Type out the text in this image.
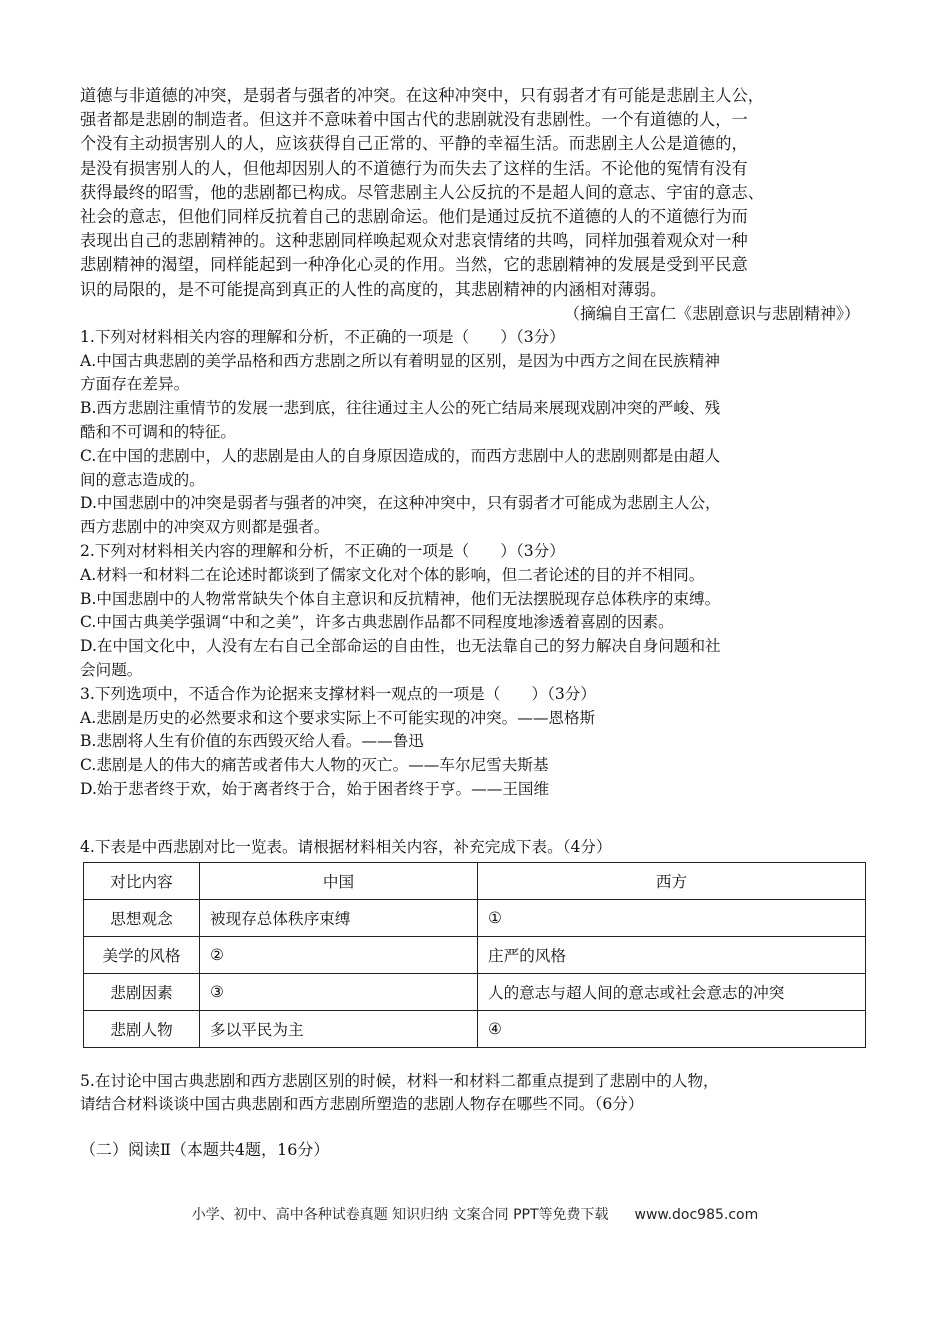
道德与非道德的冲突，是弱者与强者的冲突。在这种冲突中，只有弱者才有可能是悲剧主人公，
强者都是悲剧的制造者。但这并不意味着中国古代的悲剧就没有悲剧性。一个有道德的人，一
个没有主动损害别人的人，应该获得自己正常的、平静的幸福生活。而悲剧主人公是道德的，
是没有损害别人的人，但他却因别人的不道德行为而失去了这样的生活。不论他的冤情有没有
获得最终的昭雪，他的悲剧都已构成。尽管悲剧主人公反抗的不是超人间的意志、宇宙的意志、
社会的意志，但他们同样反抗着自己的悲剧命运。他们是通过反抗不道德的人的不道德行为而
表现出自己的悲剧精神的。这种悲剧同样唤起观众对悲哀情绪的共鸣，同样加强着观众对一种
悲剧精神的渴望，同样能起到一种净化心灵的作用。当然，它的悲剧精神的发展是受到平民意
识的局限的，是不可能提高到真正的人性的高度的，其悲剧精神的内涵相对薄弱。

（摘编自王富仁《悲剧意识与悲剧精神》）

1.下列对材料相关内容的理解和分析，不正确的一项是（　　）（3分）
A.中国古典悲剧的美学品格和西方悲剧之所以有着明显的区别，是因为中西方之间在民族精神
方面存在差异。
B.西方悲剧注重情节的发展一悲到底，往往通过主人公的死亡结局来展现戏剧冲突的严峻、残
酷和不可调和的特征。
C.在中国的悲剧中，人的悲剧是由人的自身原因造成的，而西方悲剧中人的悲剧则都是由超人
间的意志造成的。
D.中国悲剧中的冲突是弱者与强者的冲突，在这种冲突中，只有弱者才可能成为悲剧主人公，
西方悲剧中的冲突双方则都是强者。
2.下列对材料相关内容的理解和分析，不正确的一项是（　　）（3分）
A.材料一和材料二在论述时都谈到了儒家文化对个体的影响，但二者论述的目的并不相同。
B.中国悲剧中的人物常常缺失个体自主意识和反抗精神，他们无法摆脱现存总体秩序的束缚。
C.中国古典美学强调“中和之美”，许多古典悲剧作品都不同程度地渗透着喜剧的因素。
D.在中国文化中，人没有左右自己全部命运的自由性，也无法靠自己的努力解决自身问题和社
会问题。
3.下列选项中，不适合作为论据来支撑材料一观点的一项是（　　）（3分）
A.悲剧是历史的必然要求和这个要求实际上不可能实现的冲突。——恩格斯
B.悲剧将人生有价值的东西毁灭给人看。——鲁迅
C.悲剧是人的伟大的痛苦或者伟大人物的灭亡。——车尔尼雪夫斯基
D.始于悲者终于欢，始于离者终于合，始于困者终于亨。——王国维
4.下表是中西悲剧对比一览表。请根据材料相关内容，补充完成下表。（4分）
对比内容	中国	西方
思想观念	被现存总体秩序束缚	①
美学的风格	②	庄严的风格
悲剧因素	③	人的意志与超人间的意志或社会意志的冲突
悲剧人物	多以平民为主	④
5.在讨论中国古典悲剧和西方悲剧区别的时候，材料一和材料二都重点提到了悲剧中的人物，
请结合材料谈谈中国古典悲剧和西方悲剧所塑造的悲剧人物存在哪些不同。（6分）
（二）阅读Ⅱ（本题共4题，16分）
小学、初中、高中各种试卷真题 知识归纳 文案合同 PPT等免费下载 www.doc985.com
